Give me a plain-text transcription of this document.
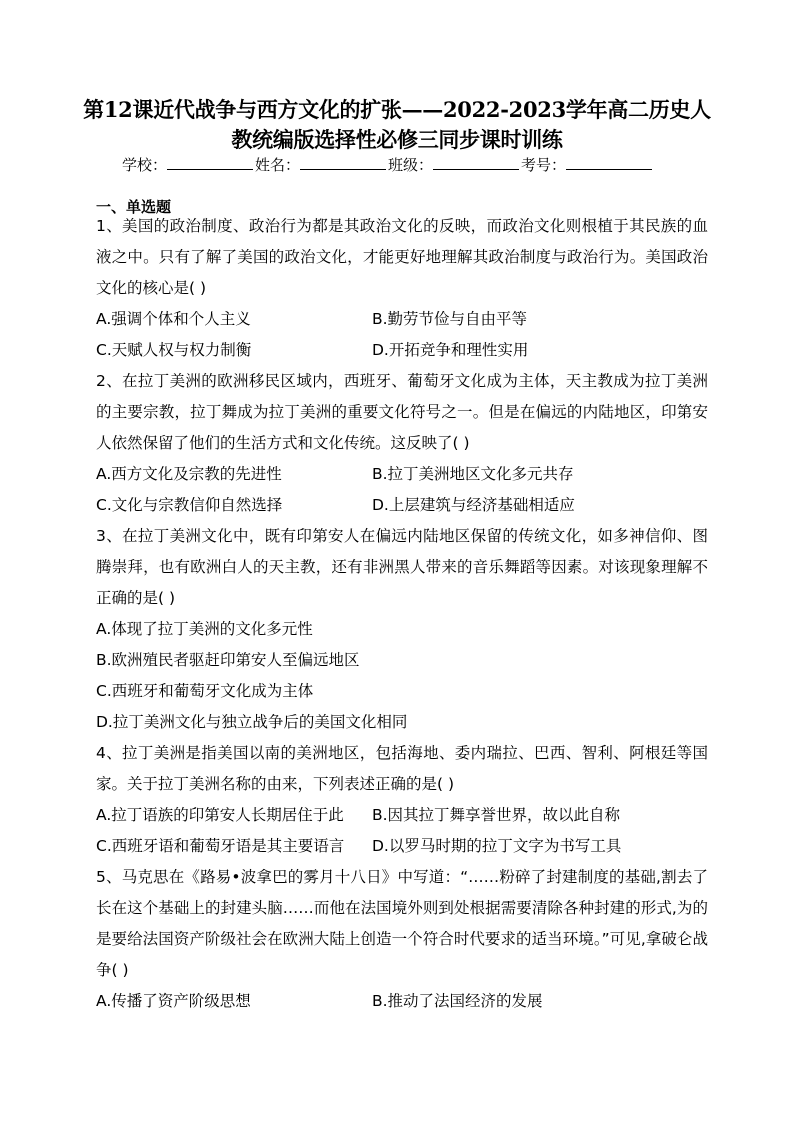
第12课近代战争与西方文化的扩张——2022-2023学年高二历史人
教统编版选择性必修三同步课时训练
学校：	姓名：	班级：	考号：
一、单选题
1、美国的政治制度、政治行为都是其政治文化的反映，而政治文化则根植于其民族的血液之中。只有了解了美国的政治文化，才能更好地理解其政治制度与政治行为。美国政治文化的核心是( )
A.强调个体和个人主义	B.勤劳节俭与自由平等
C.天赋人权与权力制衡	D.开拓竞争和理性实用
2、在拉丁美洲的欧洲移民区域内，西班牙、葡萄牙文化成为主体，天主教成为拉丁美洲的主要宗教，拉丁舞成为拉丁美洲的重要文化符号之一。但是在偏远的内陆地区，印第安人依然保留了他们的生活方式和文化传统。这反映了( )
A.西方文化及宗教的先进性	B.拉丁美洲地区文化多元共存
C.文化与宗教信仰自然选择	D.上层建筑与经济基础相适应
3、在拉丁美洲文化中，既有印第安人在偏远内陆地区保留的传统文化，如多神信仰、图腾崇拜，也有欧洲白人的天主教，还有非洲黑人带来的音乐舞蹈等因素。对该现象理解不正确的是( )
A.体现了拉丁美洲的文化多元性
B.欧洲殖民者驱赶印第安人至偏远地区
C.西班牙和葡萄牙文化成为主体
D.拉丁美洲文化与独立战争后的美国文化相同
4、拉丁美洲是指美国以南的美洲地区，包括海地、委内瑞拉、巴西、智利、阿根廷等国家。关于拉丁美洲名称的由来，下列表述正确的是( )
A.拉丁语族的印第安人长期居住于此	B.因其拉丁舞享誉世界，故以此自称
C.西班牙语和葡萄牙语是其主要语言	D.以罗马时期的拉丁文字为书写工具
5、马克思在《路易•波拿巴的雾月十八日》中写道：“……粉碎了封建制度的基础,割去了长在这个基础上的封建头脑……而他在法国境外则到处根据需要清除各种封建的形式,为的是要给法国资产阶级社会在欧洲大陆上创造一个符合时代要求的适当环境。”可见,拿破仑战争( )
A.传播了资产阶级思想	B.推动了法国经济的发展
